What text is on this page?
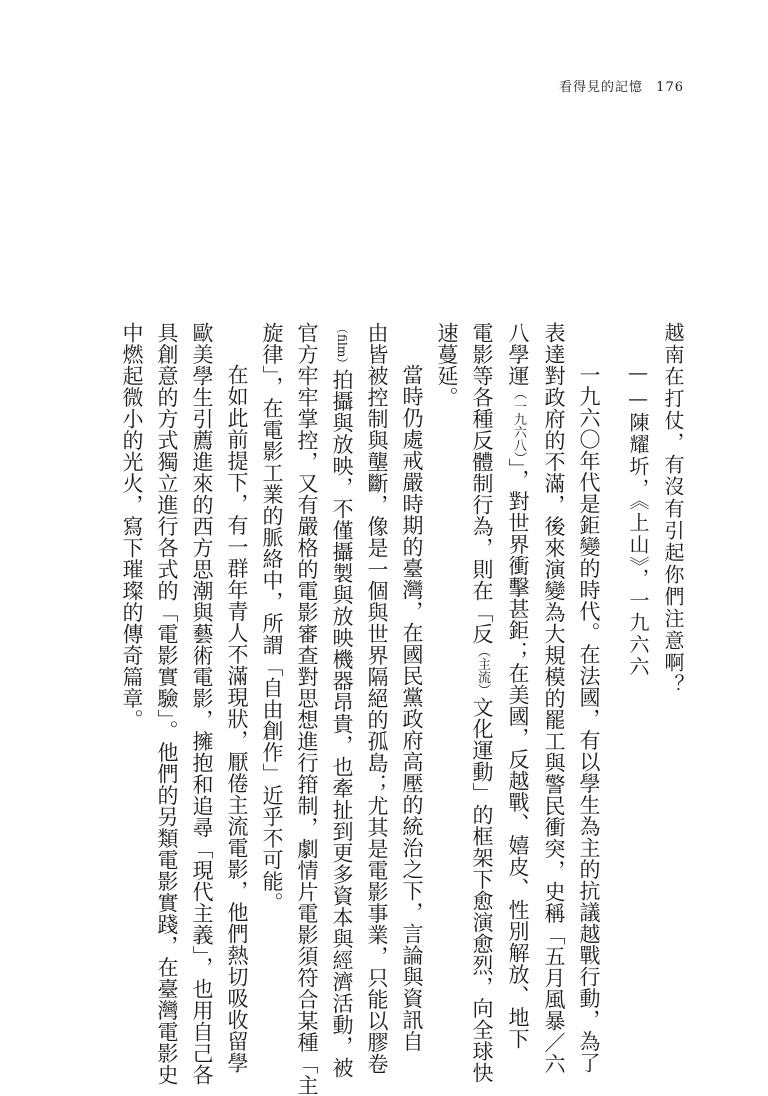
看得見的記憶 176
越南在打仗，有沒有引起你們注意啊？
——陳耀圻，《上山》，一九六六
一九六〇年代是鉅變的時代。在法國，有以學生為主的抗議越戰行動，為了
表達對政府的不滿，後來演變為大規模的罷工與警民衝突，史稱「五月風暴／六
八學運（一九六八）」，對世界衝擊甚鉅；在美國，反越戰、嬉皮、性別解放、地下
電影等各種反體制行為，則在「反（主流）文化運動」的框架下愈演愈烈，向全球快
速蔓延。
當時仍處戒嚴時期的臺灣，在國民黨政府高壓的統治之下，言論與資訊自
由皆被控制與壟斷，像是一個與世界隔絕的孤島；尤其是電影事業，只能以膠卷
（film）拍攝與放映，不僅攝製與放映機器昂貴，也牽扯到更多資本與經濟活動，被
官方牢牢掌控，又有嚴格的電影審查對思想進行箝制，劇情片電影須符合某種「主
旋律」，在電影工業的脈絡中，所謂「自由創作」近乎不可能。
在如此前提下，有一群年青人不滿現狀，厭倦主流電影，他們熱切吸收留學
歐美學生引薦進來的西方思潮與藝術電影，擁抱和追尋「現代主義」，也用自己各
具創意的方式獨立進行各式的「電影實驗」。他們的另類電影實踐，在臺灣電影史
中燃起微小的光火，寫下璀璨的傳奇篇章。
